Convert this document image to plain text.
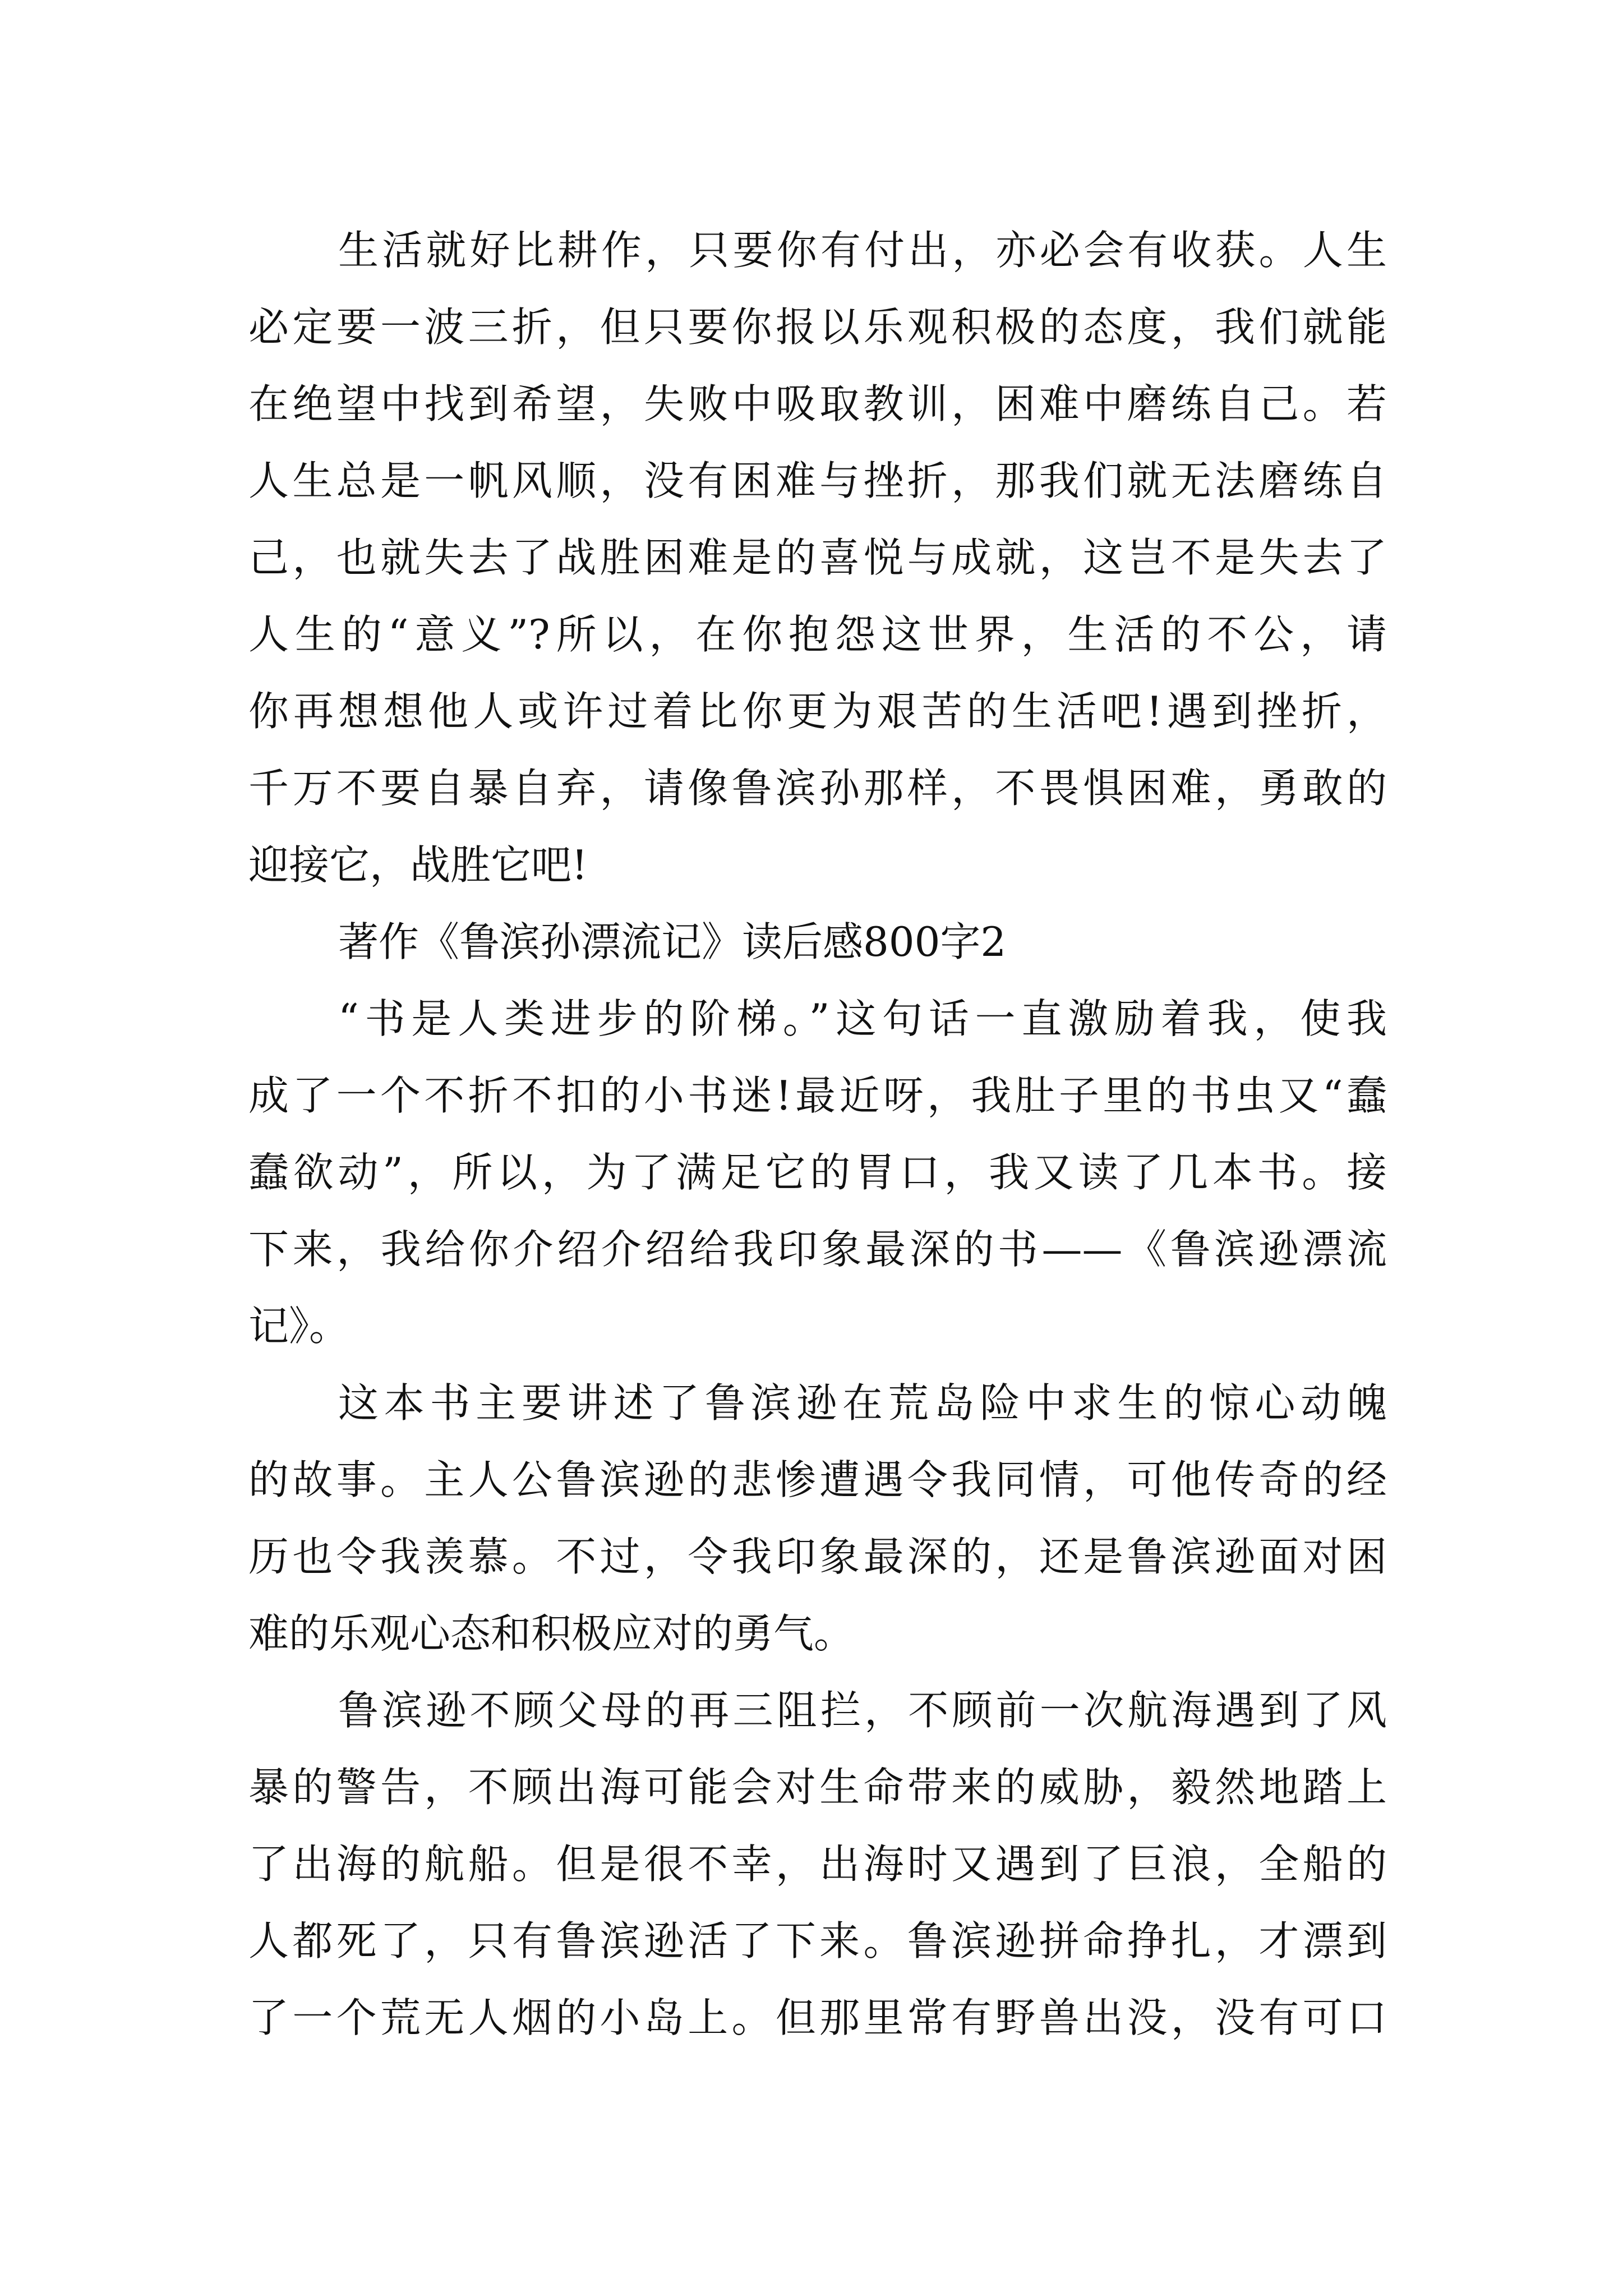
生活就好比耕作，只要你有付出，亦必会有收获。人生
必定要一波三折，但只要你报以乐观积极的态度，我们就能
在绝望中找到希望，失败中吸取教训，困难中磨练自己。若
人生总是一帆风顺，没有困难与挫折，那我们就无法磨练自
己，也就失去了战胜困难是的喜悦与成就，这岂不是失去了
人生的“意义”?所以，在你抱怨这世界，生活的不公，请
你再想想他人或许过着比你更为艰苦的生活吧!遇到挫折，
千万不要自暴自弃，请像鲁滨孙那样，不畏惧困难，勇敢的
迎接它，战胜它吧!
著作《鲁滨孙漂流记》读后感800字2
“书是人类进步的阶梯。”这句话一直激励着我，使我
成了一个不折不扣的小书迷!最近呀，我肚子里的书虫又“蠢
蠢欲动”，所以，为了满足它的胃口，我又读了几本书。接
下来，我给你介绍介绍给我印象最深的书——《鲁滨逊漂流
记》。
这本书主要讲述了鲁滨逊在荒岛险中求生的惊心动魄
的故事。主人公鲁滨逊的悲惨遭遇令我同情，可他传奇的经
历也令我羡慕。不过，令我印象最深的，还是鲁滨逊面对困
难的乐观心态和积极应对的勇气。
鲁滨逊不顾父母的再三阻拦，不顾前一次航海遇到了风
暴的警告，不顾出海可能会对生命带来的威胁，毅然地踏上
了出海的航船。但是很不幸，出海时又遇到了巨浪，全船的
人都死了，只有鲁滨逊活了下来。鲁滨逊拼命挣扎，才漂到
了一个荒无人烟的小岛上。但那里常有野兽出没，没有可口
